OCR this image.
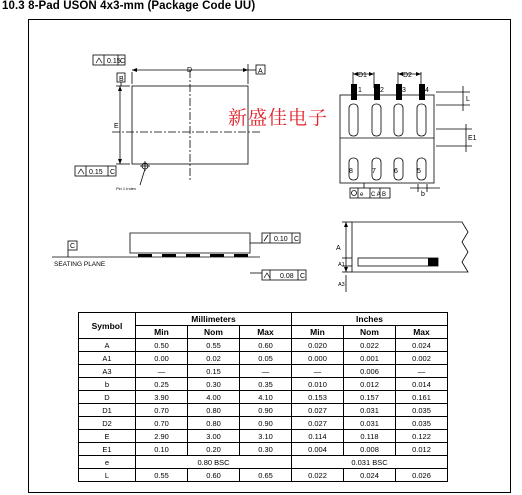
10.3 8-Pad USON 4x3-mm (Package Code UU)
0.15 C
B
D	A
E
0.15 C
Pin 1 Index
D1	D2
1	2	3	4
8	7	6	5
L
E1
b
e C A B
C
SEATING PLANE
0.10 C
0.08 C
A
A1
A3
新盛佳电子
Symbol	Millimeters			Inches		
	Min	Nom	Max	Min	Nom	Max
A	0.50	0.55	0.60	0.020	0.022	0.024
A1	0.00	0.02	0.05	0.000	0.001	0.002
A3	—	0.15	—	—	0.006	—
b	0.25	0.30	0.35	0.010	0.012	0.014
D	3.90	4.00	4.10	0.153	0.157	0.161
D1	0.70	0.80	0.90	0.027	0.031	0.035
D2	0.70	0.80	0.90	0.027	0.031	0.035
E	2.90	3.00	3.10	0.114	0.118	0.122
E1	0.10	0.20	0.30	0.004	0.008	0.012
e	0.80 BSC			0.031 BSC		
L	0.55	0.60	0.65	0.022	0.024	0.026
